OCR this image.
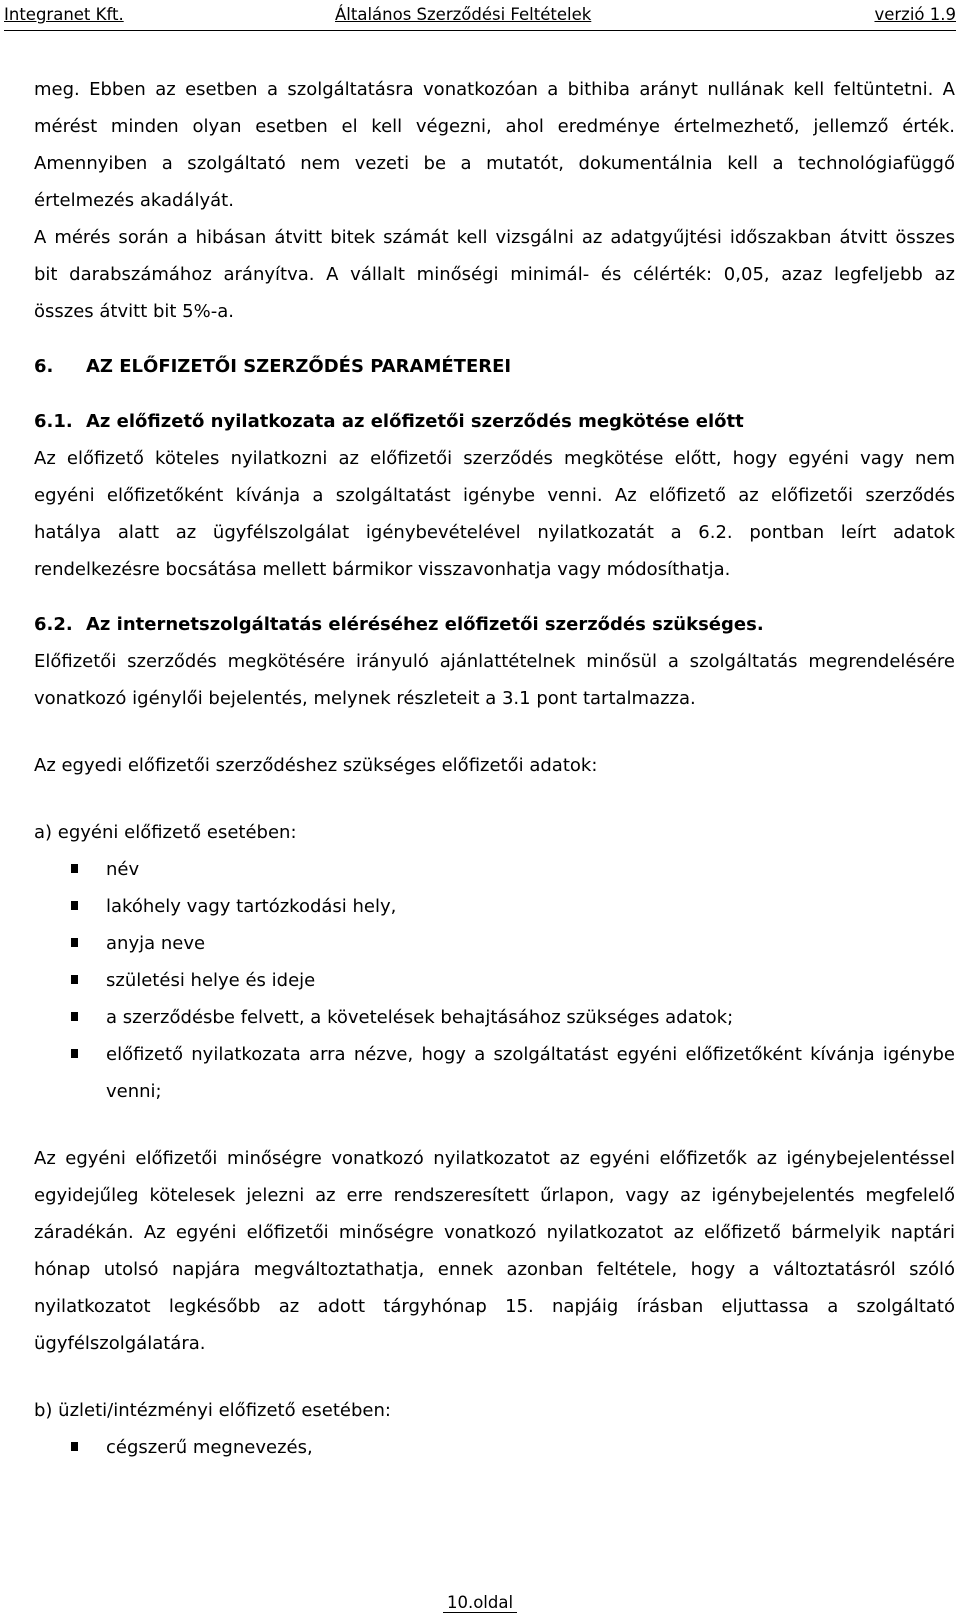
Integranet Kft.	Általános Szerződési Feltételek	verzió 1.9

meg. Ebben az esetben a szolgáltatásra vonatkozóan a bithiba arányt nullának kell feltüntetni. A

mérést minden olyan esetben el kell végezni, ahol eredménye értelmezhető, jellemző érték.

Amennyiben a szolgáltató nem vezeti be a mutatót, dokumentálnia kell a technológiafüggő

értelmezés akadályát.

A mérés során a hibásan átvitt bitek számát kell vizsgálni az adatgyűjtési időszakban átvitt összes

bit darabszámához arányítva. A vállalt minőségi minimál- és célérték: 0,05, azaz legfeljebb az

összes átvitt bit 5%-a.

6.	AZ ELŐFIZETŐI SZERZŐDÉS PARAMÉTEREI

6.1. Az előfizető nyilatkozata az előfizetői szerződés megkötése előtt

Az előfizető köteles nyilatkozni az előfizetői szerződés megkötése előtt, hogy egyéni vagy nem

egyéni előfizetőként kívánja a szolgáltatást igénybe venni. Az előfizető az előfizetői szerződés

hatálya alatt az ügyfélszolgálat igénybevételével nyilatkozatát a 6.2. pontban leírt adatok

rendelkezésre bocsátása mellett bármikor visszavonhatja vagy módosíthatja.

6.2. Az internetszolgáltatás eléréséhez előfizetői szerződés szükséges.

Előfizetői szerződés megkötésére irányuló ajánlattételnek minősül a szolgáltatás megrendelésére

vonatkozó igénylői bejelentés, melynek részleteit a 3.1 pont tartalmazza.

Az egyedi előfizetői szerződéshez szükséges előfizetői adatok:

a) egyéni előfizető esetében:

név
lakóhely vagy tartózkodási hely,
anyja neve
születési helye és ideje
a szerződésbe felvett, a követelések behajtásához szükséges adatok;
előfizető nyilatkozata arra nézve, hogy a szolgáltatást egyéni előfizetőként kívánja igénybe venni;

Az egyéni előfizetői minőségre vonatkozó nyilatkozatot az egyéni előfizetők az igénybejelentéssel

egyidejűleg kötelesek jelezni az erre rendszeresített űrlapon, vagy az igénybejelentés megfelelő

záradékán. Az egyéni előfizetői minőségre vonatkozó nyilatkozatot az előfizető bármelyik naptári

hónap utolsó napjára megváltoztathatja, ennek azonban feltétele, hogy a változtatásról szóló

nyilatkozatot legkésőbb az adott tárgyhónap 15. napjáig írásban eljuttassa a szolgáltató

ügyfélszolgálatára.

b) üzleti/intézményi előfizető esetében:

cégszerű megnevezés,
10.oldal
